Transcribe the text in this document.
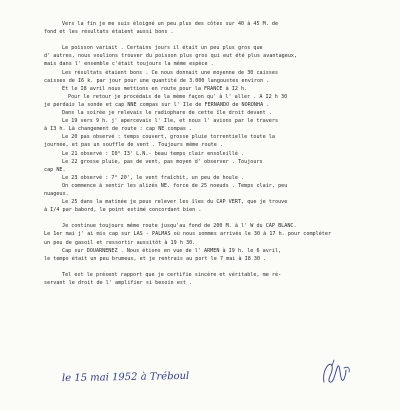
Vers la fin je me suis éloigné un peu plus des côtes sur 40 à 45 M. de
fond et les résultats étaient aussi bons .
Le poisson variait . Certains jours il était un peu plus gros que
d' autres, nous voulions trouver du poisson plus gros qui eut été plus avantageux,
mais dans l' ensemble c'était toujours la même espèce .
Les résultats étaient bons . Ce nous donnait une moyenne de 30 caisses
caisses de I6 k. par jour pour une quantité de 3.000 langoustes environ .
Et le I8 avril nous mettions en route pour la FRANCE à I2 h.
Pour le retour je procédais de la même façon qu' à l' aller . A I2 h 30
je perdais la sonde et cap NNE compas sur l' Ile de FERNANDO de NORONHA .
Dans la soirée je relevais le radiophare de cette île droit devant .
Le 19 vers 9 h. j' apercevais l' Ile, et nous l' avions par le travers
à I3 h. Là changement de route : cap NE compas .
Le 20 pas observé : temps couvert, grosse pluie torrentielle toute la
journée, et pas un souffle de vent . Toujours même route .
Le 21 observé : I0° I3' L.N.- beau temps clair ensoleillé .
Le 22 grosse pluie, pas de vent, pas moyen d' observer . Toujours
cap NE.
Le 23 observé : 7° 20', le vent fraîchit, un peu de houle .
On commence à sentir les alizés NE. force de 25 noeuds . Temps clair, peu
nuageux.
Le 25 dans la matinée je peux relever les îles du CAP VERT, que je trouve
à I/4 par babord, le point estimé concordant bien .
Je continue toujours même route jusqu'au fond de 200 M. à l' W du CAP BLANC.
Le 1er mai j' ai mis cap sur LAS - PALMAS où nous sommes arrivés le 30 à 17 h. pour compléter
un peu de gasoil et ressortir aussitôt à 19 h 30.
Cap sur DOUARNENEZ . Nous étions en vue de l' ARMEN à I9 h. le 6 avril,
le temps était un peu brumeux, et je rentrais au port le 7 mai à I8 30 .
Tel est le présent rapport que je certifie sincère et véritable, me ré-
servant le droit de l' amplifier si besoin est .
le 15 mai 1952 à Tréboul
